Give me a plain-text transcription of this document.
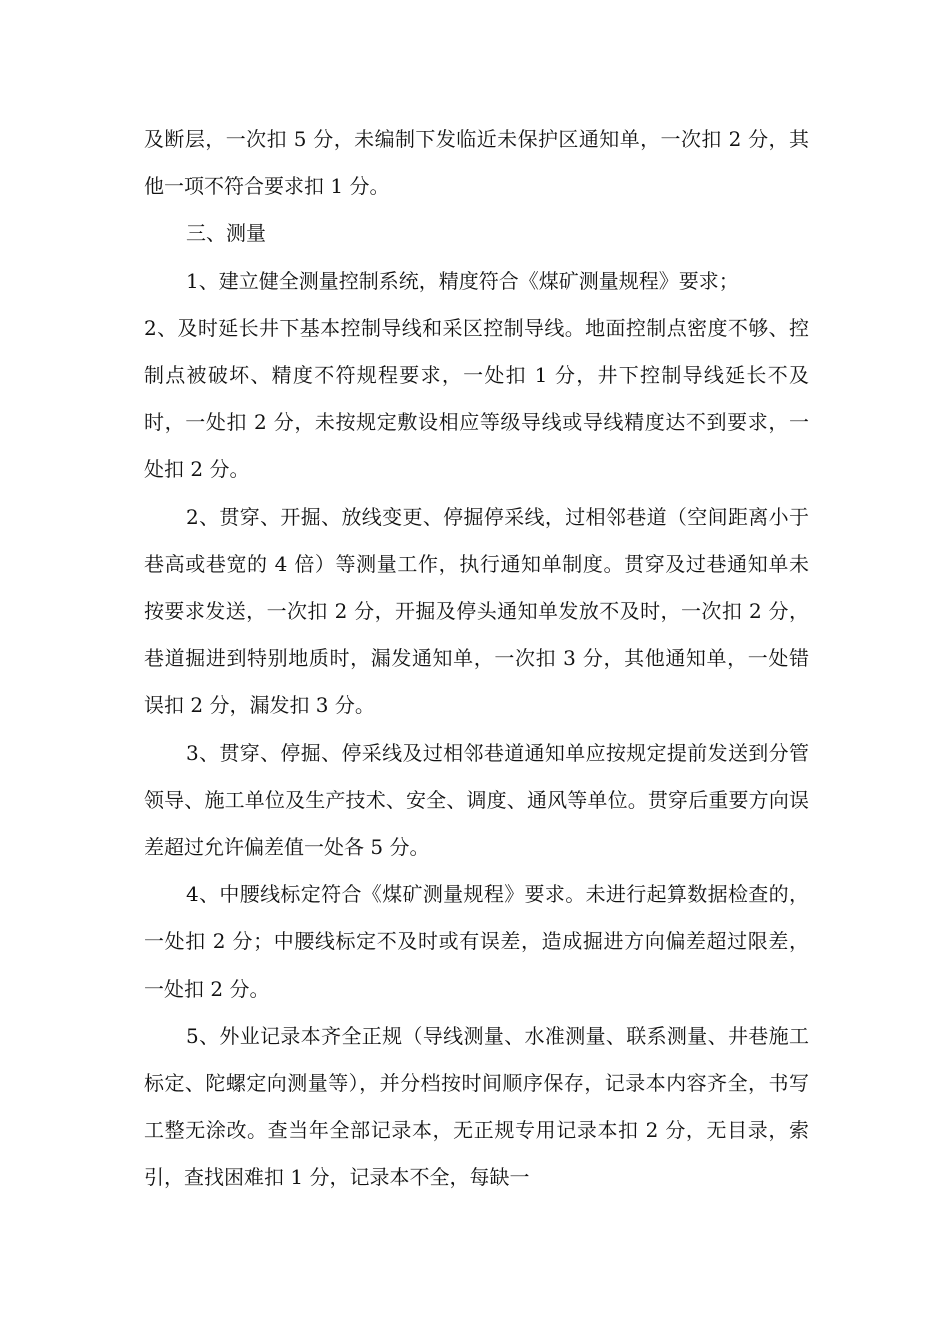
及断层，一次扣 5 分，未编制下发临近未保护区通知单，一次扣 2 分，其他一项不符合要求扣 1 分。

三、测量

1、建立健全测量控制系统，精度符合《煤矿测量规程》要求；

2、及时延长井下基本控制导线和采区控制导线。地面控制点密度不够、控制点被破坏、精度不符规程要求，一处扣 1 分，井下控制导线延长不及时，一处扣 2 分，未按规定敷设相应等级导线或导线精度达不到要求，一处扣 2 分。

2、贯穿、开掘、放线变更、停掘停采线，过相邻巷道（空间距离小于巷高或巷宽的 4 倍）等测量工作，执行通知单制度。贯穿及过巷通知单未按要求发送，一次扣 2 分，开掘及停头通知单发放不及时，一次扣 2 分，巷道掘进到特别地质时，漏发通知单，一次扣 3 分，其他通知单，一处错误扣 2 分，漏发扣 3 分。

3、贯穿、停掘、停采线及过相邻巷道通知单应按规定提前发送到分管领导、施工单位及生产技术、安全、调度、通风等单位。贯穿后重要方向误差超过允许偏差值一处各 5 分。

4、中腰线标定符合《煤矿测量规程》要求。未进行起算数据检查的，一处扣 2 分；中腰线标定不及时或有误差，造成掘进方向偏差超过限差，一处扣 2 分。

5、外业记录本齐全正规（导线测量、水准测量、联系测量、井巷施工标定、陀螺定向测量等），并分档按时间顺序保存，记录本内容齐全，书写工整无涂改。查当年全部记录本，无正规专用记录本扣 2 分，无目录，索引，查找困难扣 1 分，记录本不全，每缺一
